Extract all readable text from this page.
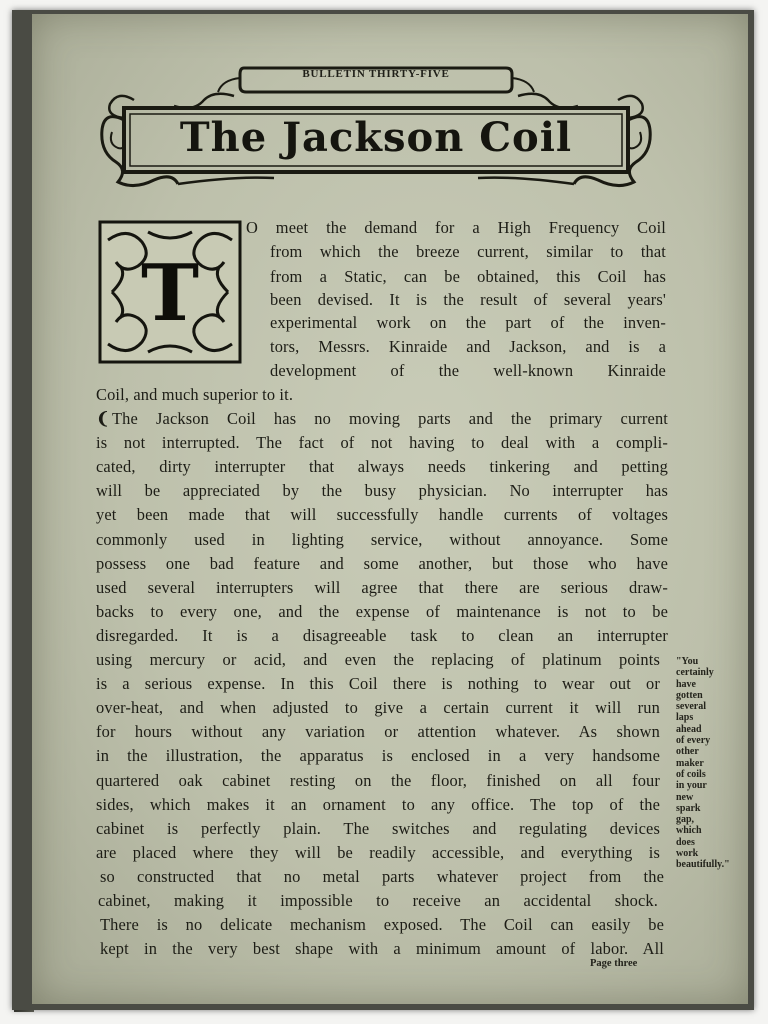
BULLETIN THIRTY-FIVE
The Jackson Coil
T
O meet the demand for a High Frequency Coil
from which the breeze current, similar to that
from a Static, can be obtained, this Coil has
been devised. It is the result of several years'
experimental work on the part of the inven-
tors, Messrs. Kinraide and Jackson, and is a
development of the well-known Kinraide
Coil, and much superior to it.
❨ The Jackson Coil has no moving parts and the primary current
is not interrupted. The fact of not having to deal with a compli-
cated, dirty interrupter that always needs tinkering and petting
will be appreciated by the busy physician. No interrupter has
yet been made that will successfully handle currents of voltages
commonly used in lighting service, without annoyance. Some
possess one bad feature and some another, but those who have
used several interrupters will agree that there are serious draw-
backs to every one, and the expense of maintenance is not to be
disregarded. It is a disagreeable task to clean an interrupter
using mercury or acid, and even the replacing of platinum points
is a serious expense. In this Coil there is nothing to wear out or
over-heat, and when adjusted to give a certain current it will run
for hours without any variation or attention whatever. As shown
in the illustration, the apparatus is enclosed in a very handsome
quartered oak cabinet resting on the floor, finished on all four
sides, which makes it an ornament to any office. The top of the
cabinet is perfectly plain. The switches and regulating devices
are placed where they will be readily accessible, and everything is
so constructed that no metal parts whatever project from the
cabinet, making it impossible to receive an accidental shock.
There is no delicate mechanism exposed. The Coil can easily be
kept in the very best shape with a minimum amount of labor. All
"You
certainly
have
gotten
several
laps
ahead
of every
other
maker
of coils
in your
new
spark
gap,
which
does
work
beautifully."
Page three
